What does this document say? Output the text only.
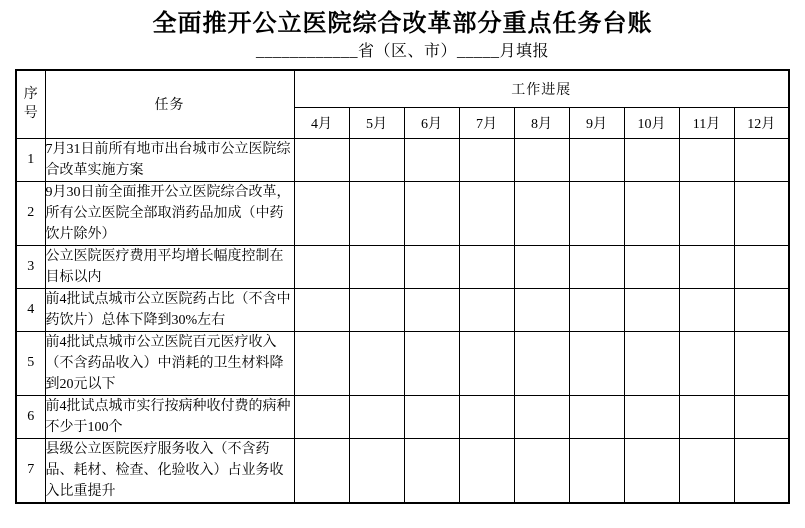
全面推开公立医院综合改革部分重点任务台账
____________省（区、市）_____月填报
序号	任务	工作进展								
		4月	5月	6月	7月	8月	9月	10月	11月	12月
1	7月31日前所有地市出台城市公立医院综合改革实施方案									
2	9月30日前全面推开公立医院综合改革，所有公立医院全部取消药品加成（中药饮片除外）									
3	公立医院医疗费用平均增长幅度控制在目标以内									
4	前4批试点城市公立医院药占比（不含中药饮片）总体下降到30%左右									
5	前4批试点城市公立医院百元医疗收入（不含药品收入）中消耗的卫生材料降到20元以下									
6	前4批试点城市实行按病种收付费的病种不少于100个									
7	县级公立医院医疗服务收入（不含药品、耗材、检查、化验收入）占业务收入比重提升									
